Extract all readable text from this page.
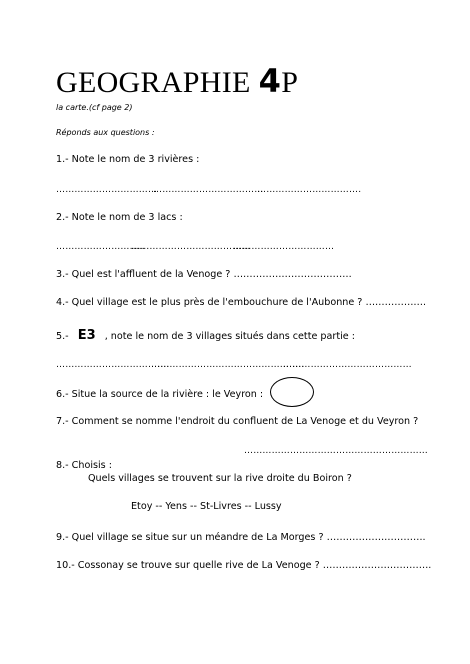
GEOGRAPHIE 4P
la carte.(cf page 2)
Réponds aux questions :
1.- Note le nom de 3 rivières :
……………………………
………………………………
…………………………….
2.- Note le nom de 3 lacs :
………………………..
…………………………………
……………………………
3.- Quel est l'affluent de la Venoge ? ……………………………….
4.- Quel village est le plus près de l'embouchure de l'Aubonne ? ……………….
5.- E3 , note le nom de 3 villages situés dans cette partie :
……………………………….
…………………………………………..
……………………………………
6.- Situe la source de la rivière : le Veyron :
7.- Comment se nomme l'endroit du confluent de La Venoge et du Veyron ?
……………………………………………………
8.- Choisis :
Quels villages se trouvent sur la rive droite du Boiron ?
Etoy -- Yens -- St-Livres -- Lussy
9.- Quel village se situe sur un méandre de La Morges ? ………………………….
10.- Cossonay se trouve sur quelle rive de La Venoge ? …………………………….
